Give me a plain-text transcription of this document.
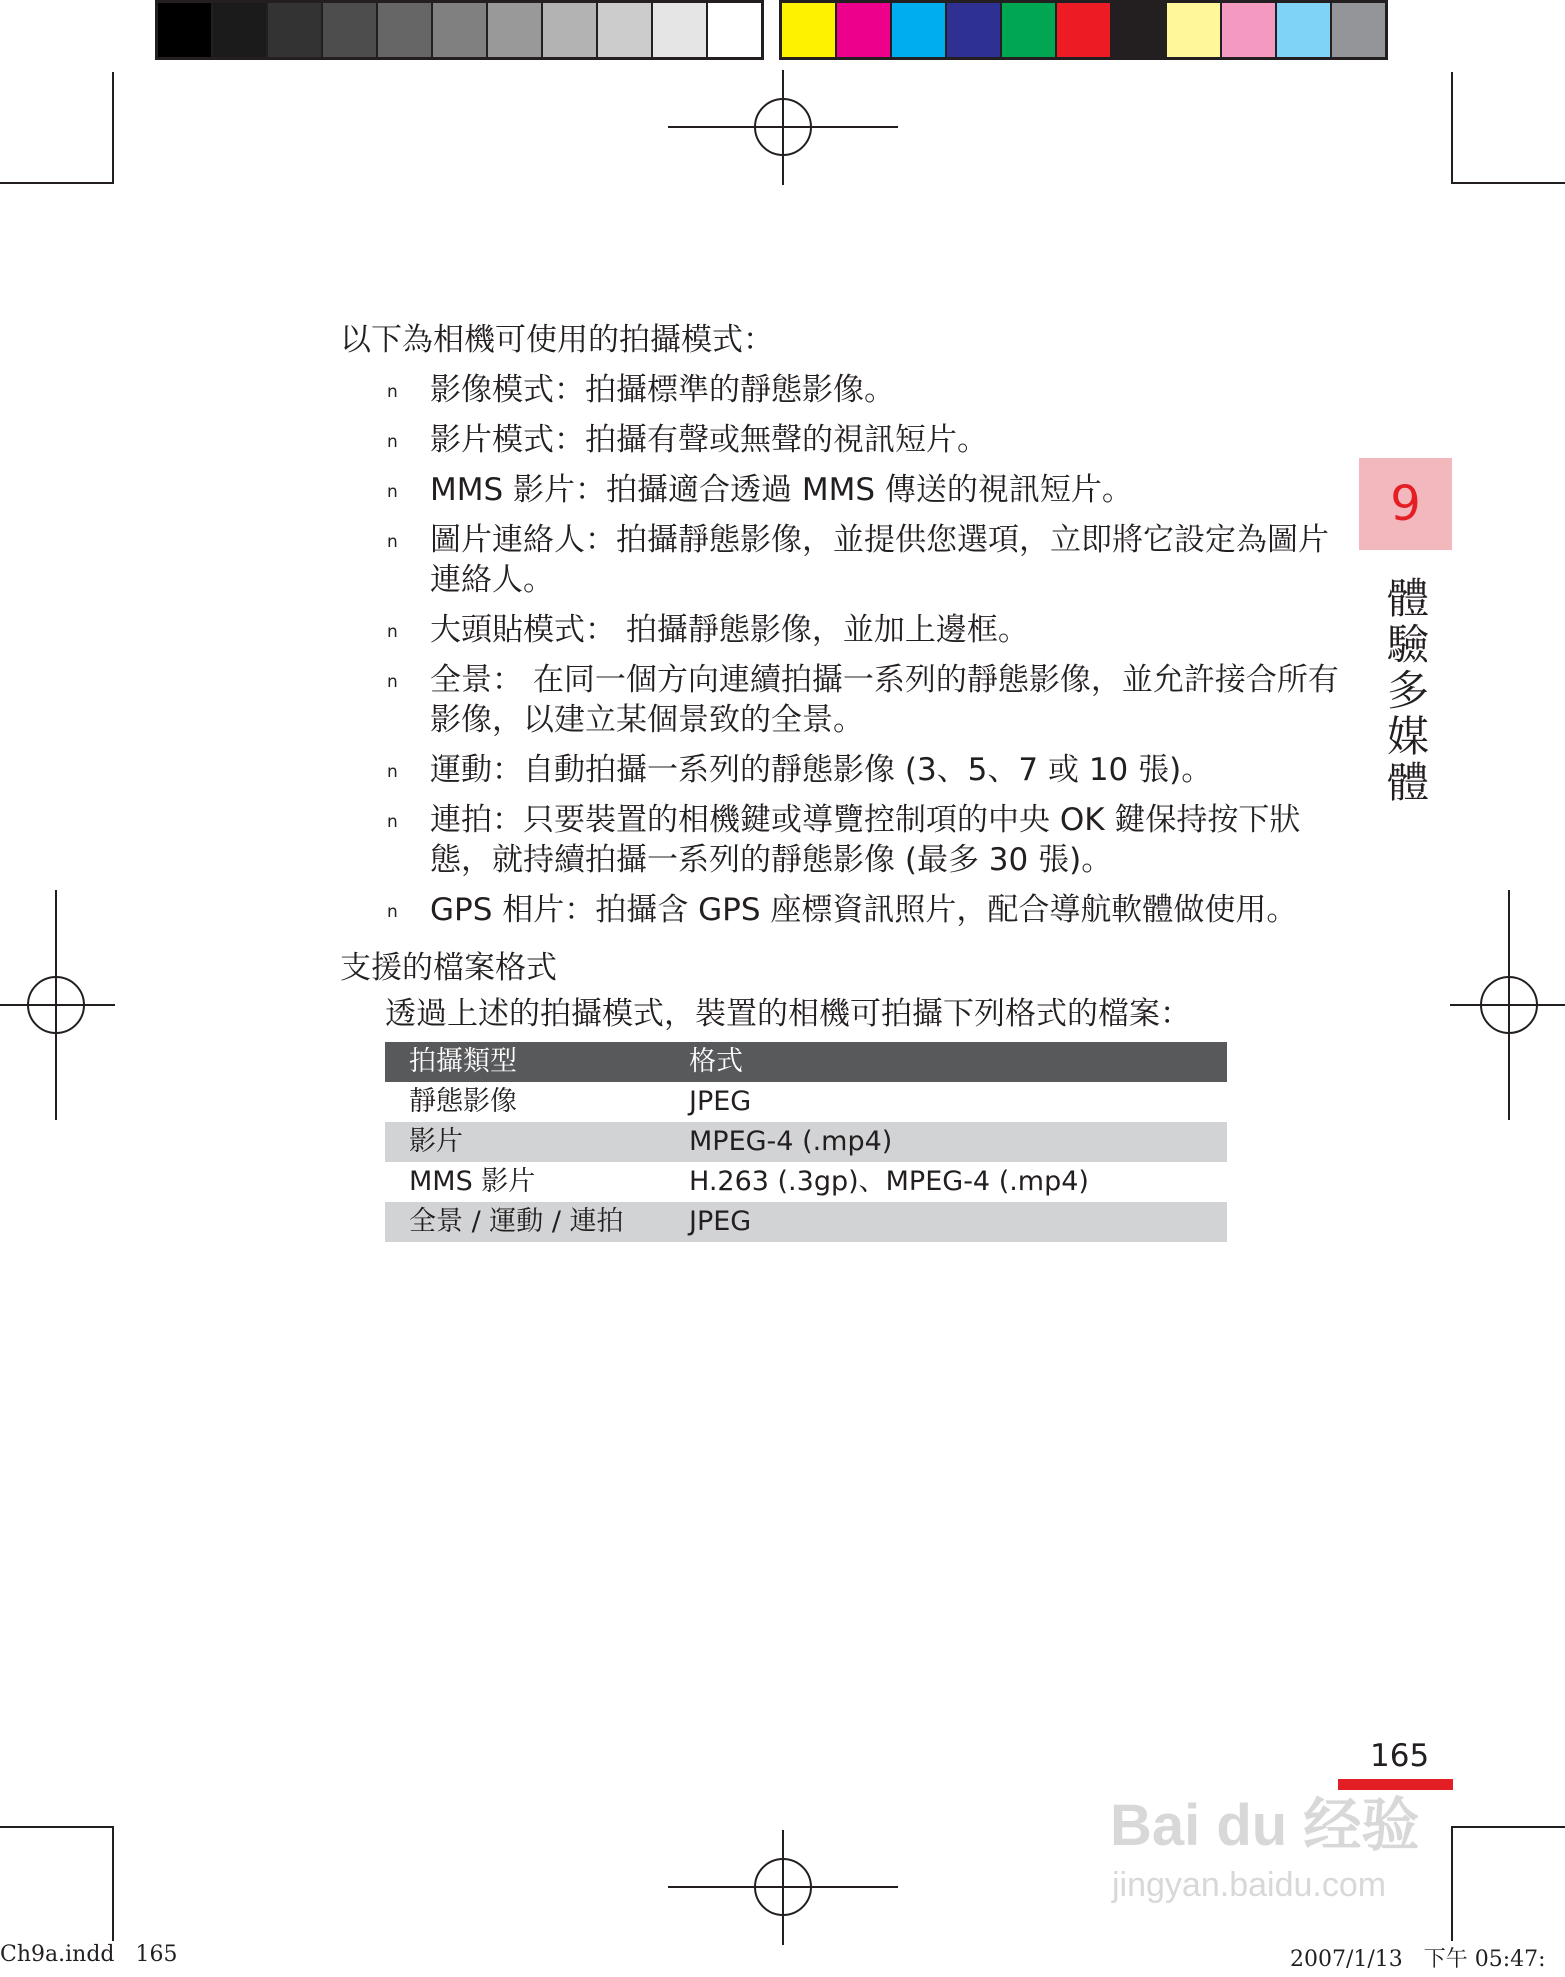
以下為相機可使用的拍攝模式：

n 影像模式：拍攝標準的靜態影像。
n 影片模式：拍攝有聲或無聲的視訊短片。
n MMS 影片：拍攝適合透過 MMS 傳送的視訊短片。
n 圖片連絡人：拍攝靜態影像，並提供您選項，立即將它設定為圖片連絡人。
n 大頭貼模式： 拍攝靜態影像，並加上邊框。
n 全景： 在同一個方向連續拍攝一系列的靜態影像，並允許接合所有影像，以建立某個景致的全景。
n 運動：自動拍攝一系列的靜態影像 (3、5、7 或 10 張)。
n 連拍：只要裝置的相機鍵或導覽控制項的中央 OK 鍵保持按下狀態，就持續拍攝一系列的靜態影像 (最多 30 張)。
n GPS 相片：拍攝含 GPS 座標資訊照片，配合導航軟體做使用。

支援的檔案格式

透過上述的拍攝模式，裝置的相機可拍攝下列格式的檔案：

拍攝類型	格式
靜態影像	JPEG
影片	MPEG-4 (.mp4)
MMS 影片	H.263 (.3gp)、MPEG-4 (.mp4)
全景 / 運動 / 連拍	JPEG
9
體
驗
多
媒
體
165
Bai du 经验
jingyan.baidu.com
Ch9a.indd   165	2007/1/13   下午 05:47:
